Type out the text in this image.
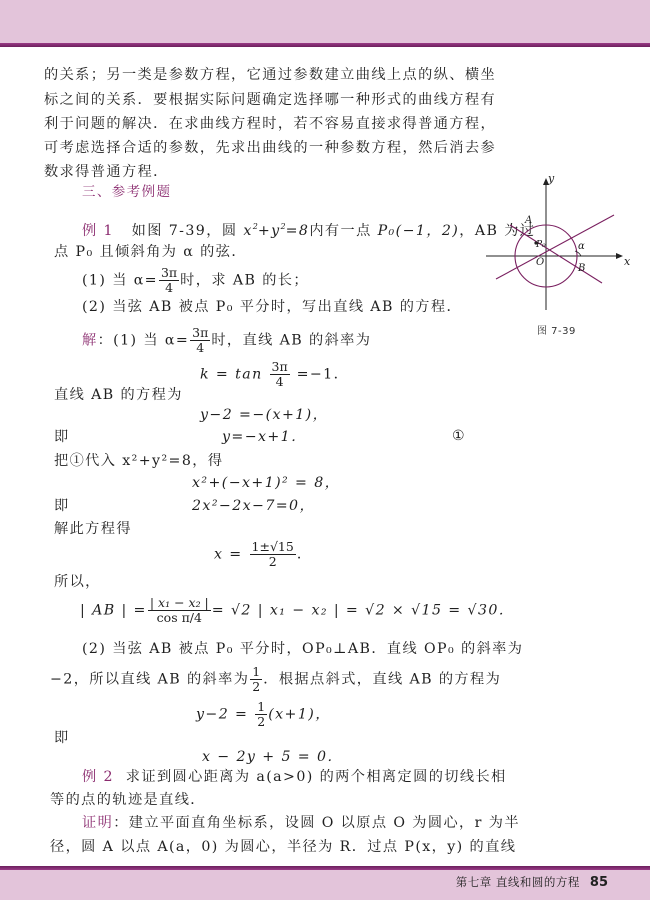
的关系；另一类是参数方程，它通过参数建立曲线上点的纵、横坐
标之间的关系．要根据实际问题确定选择哪一种形式的曲线方程有
利于问题的解决．在求曲线方程时，若不容易直接求得普通方程，
可考虑选择合适的参数，先求出曲线的一种参数方程，然后消去参
数求得普通方程．
三、参考例题
例 1 如图 7-39，圆 $x^2+y^2=8$内有一点 P₀(−1，2)，AB 为过
点 P₀ 且倾斜角为 α 的弦．
(1) 当 $\alpha= \frac{3\pi}{4}$ 时，求 AB 的长；
(2) 当弦 AB 被点 P₀ 平分时，写出直线 AB 的方程．
解：(1) 当 $\alpha= \frac{3\pi}{4}$ 时，直线 AB 的斜率为
$k = \tan \frac{3\pi}{4} =-1$．
直线 AB 的方程为
y−2 =−(x+1)，
即	y=−x+1．	①
把①代入 x²+y²=8，得
x²+(−x+1)² = 8，
即	2x²−2x−7=0，
解此方程得
$x = \frac{1\pm√15}{2}$ ．
所以，
| AB | = $\frac{\text{| x₁ − x₂ |}}{\text{cos π/4}} = √2$ | x₁ − x₂ | = √2 × √15 = √30．
(2) 当弦 AB 被点 P₀ 平分时，OP₀⊥AB．直线 OP₀ 的斜率为
−2，所以直线 AB 的斜率为 $\frac{1}{2}$ ．根据点斜式，直线 AB 的方程为
$y-2 = \frac{1}{2} (x+1)$，
即
x − 2y + 5 = 0．
例 2 求证到圆心距离为 a(a>0) 的两个相离定圆的切线长相
等的点的轨迹是直线．
证明：建立平面直角坐标系，设圆 O 以原点 O 为圆心，r 为半
径，圆 A 以点 A(a，0) 为圆心，半径为 R．过点 P(x，y) 的直线
y
x
A
B
O
P₀	α
图 7-39
第七章 直线和圆的方程 85
